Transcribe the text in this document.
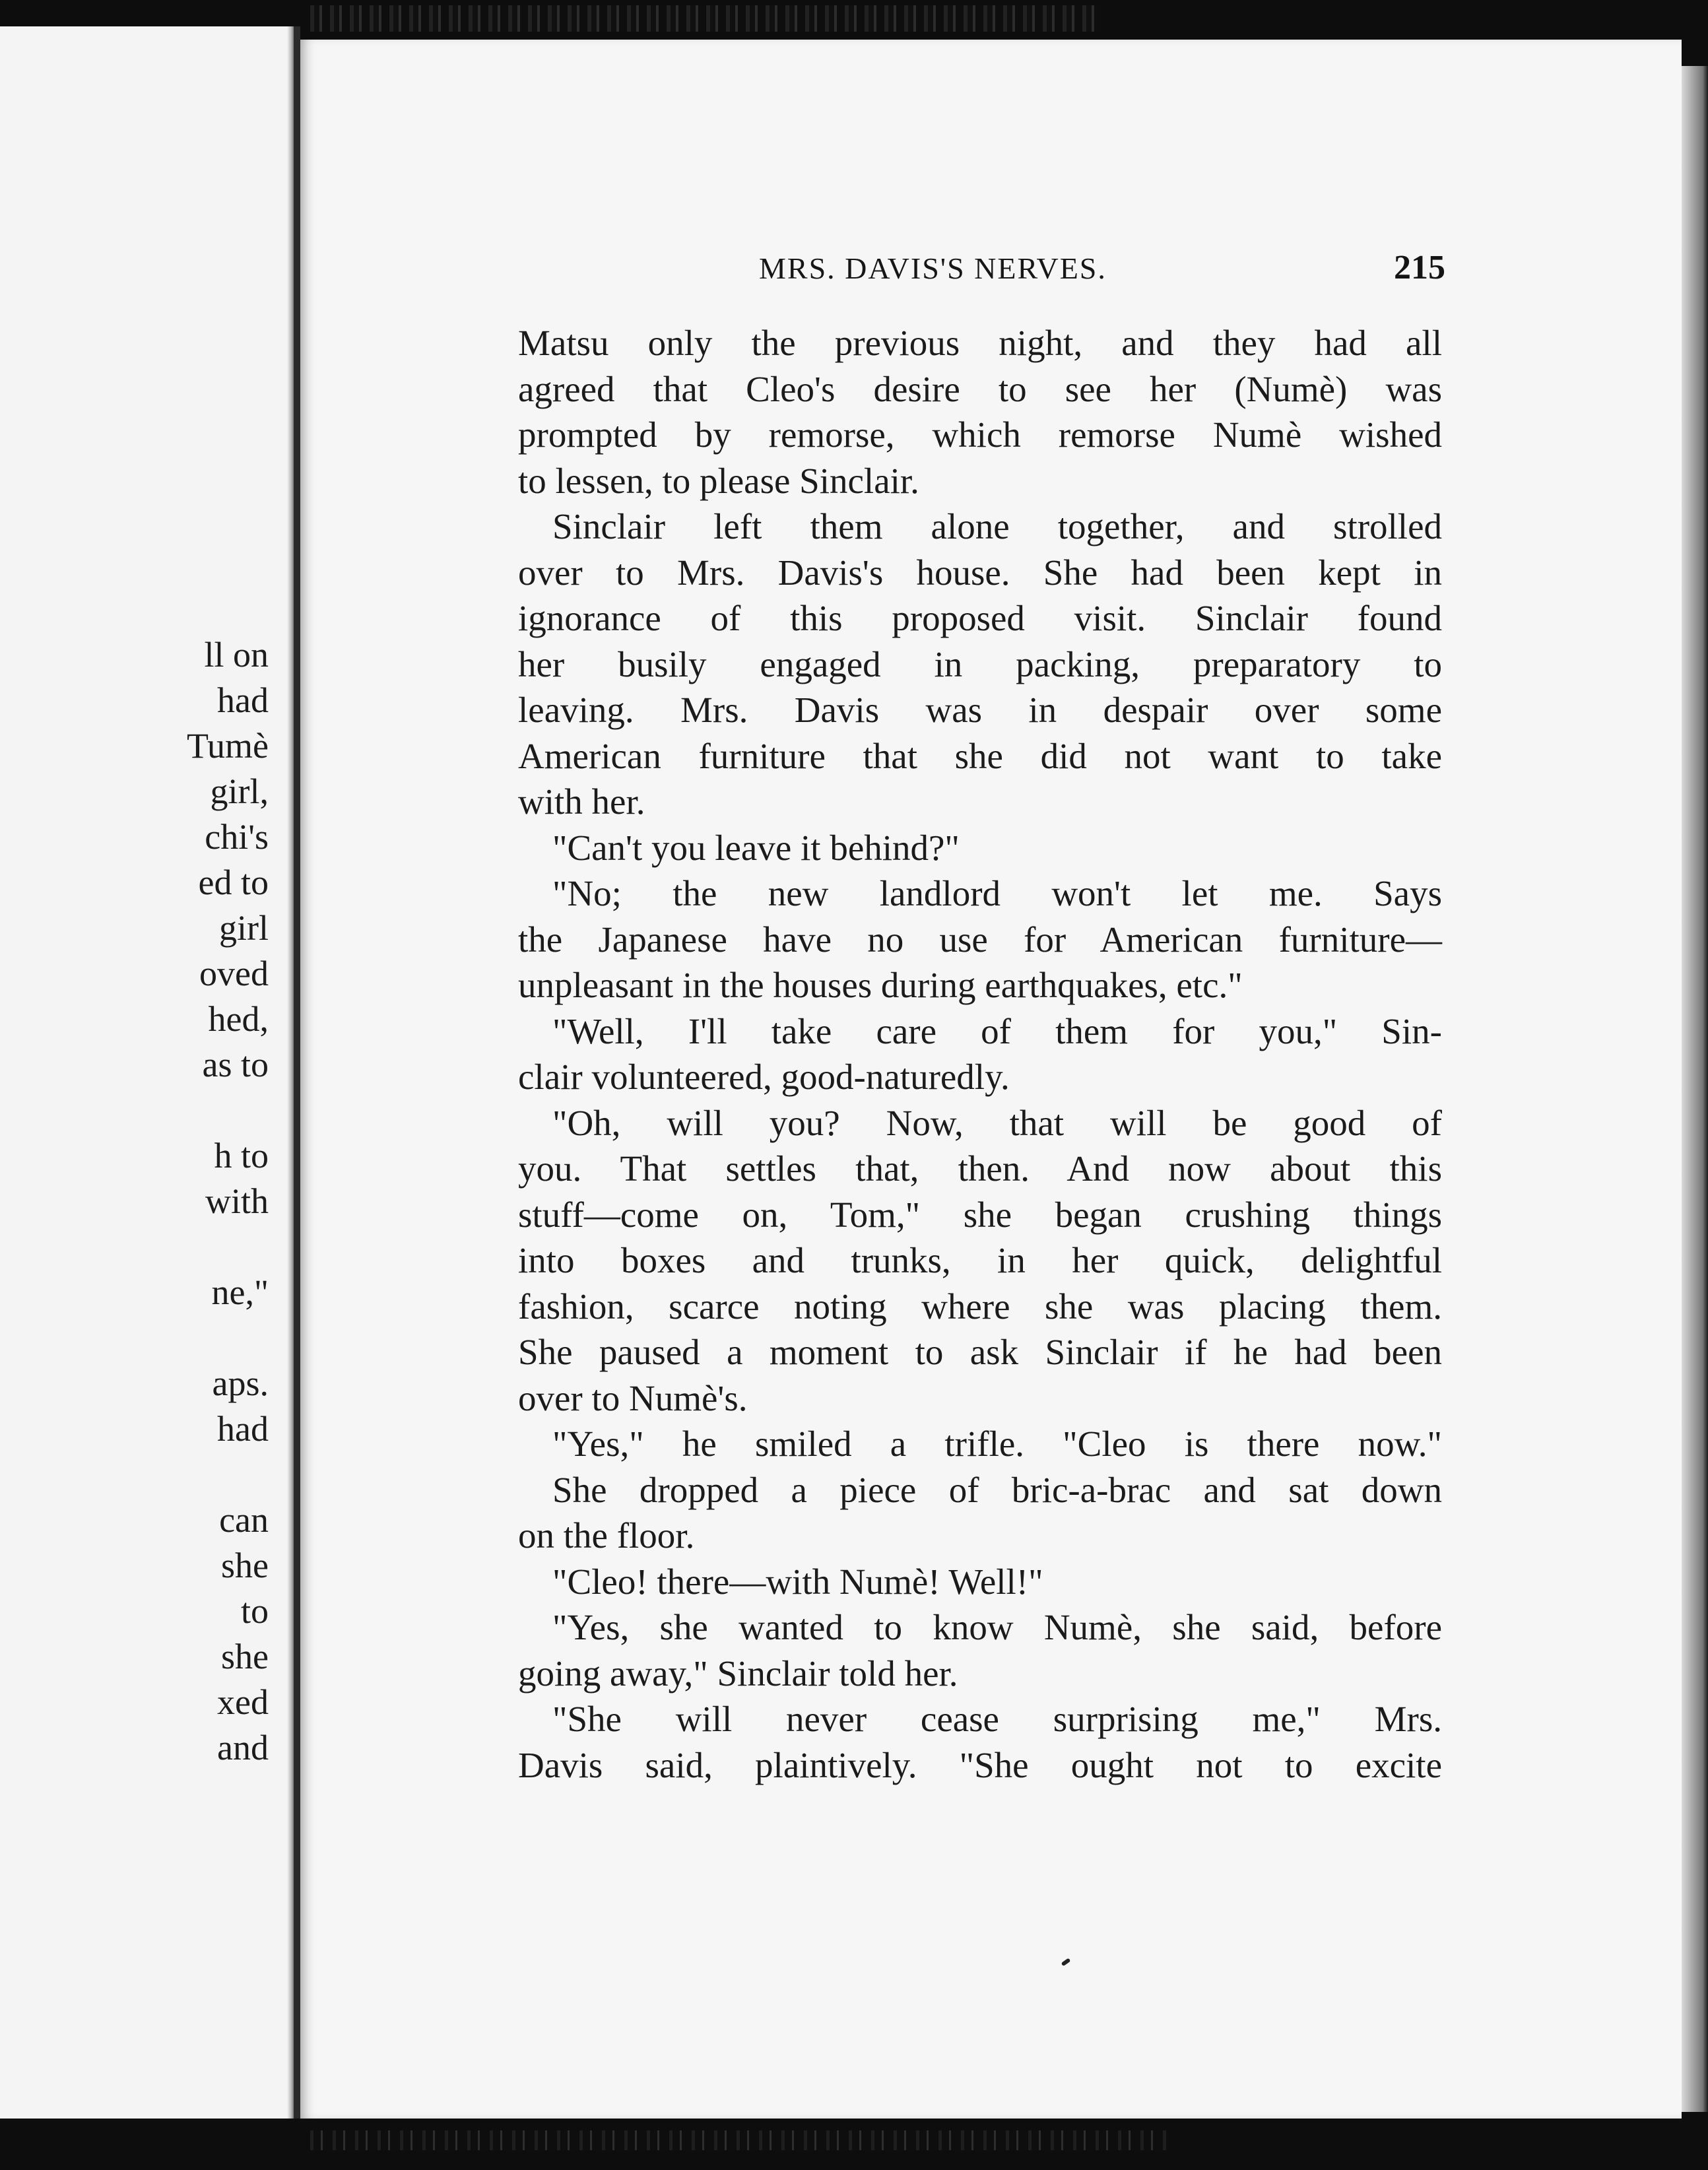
ll on
had
Tumè
girl,
chi's
ed to
girl
oved
hed,
as to
h to
with
ne,"
aps.
had
can
she
to
she
xed
and
MRS. DAVIS'S NERVES.	215
Matsu only the previous night, and they had all
agreed that Cleo's desire to see her (Numè) was
prompted by remorse, which remorse Numè wished
to lessen, to please Sinclair.
Sinclair left them alone together, and strolled
over to Mrs. Davis's house. She had been kept in
ignorance of this proposed visit. Sinclair found
her busily engaged in packing, preparatory to
leaving. Mrs. Davis was in despair over some
American furniture that she did not want to take
with her.
"Can't you leave it behind?"
"No; the new landlord won't let me. Says
the Japanese have no use for American furniture—
unpleasant in the houses during earthquakes, etc."
"Well, I'll take care of them for you," Sin-
clair volunteered, good-naturedly.
"Oh, will you? Now, that will be good of
you. That settles that, then. And now about this
stuff—come on, Tom," she began crushing things
into boxes and trunks, in her quick, delightful
fashion, scarce noting where she was placing them.
She paused a moment to ask Sinclair if he had been
over to Numè's.
"Yes," he smiled a trifle. "Cleo is there now."
She dropped a piece of bric-a-brac and sat down
on the floor.
"Cleo! there—with Numè! Well!"
"Yes, she wanted to know Numè, she said, before
going away," Sinclair told her.
"She will never cease surprising me," Mrs.
Davis said, plaintively. "She ought not to excite
